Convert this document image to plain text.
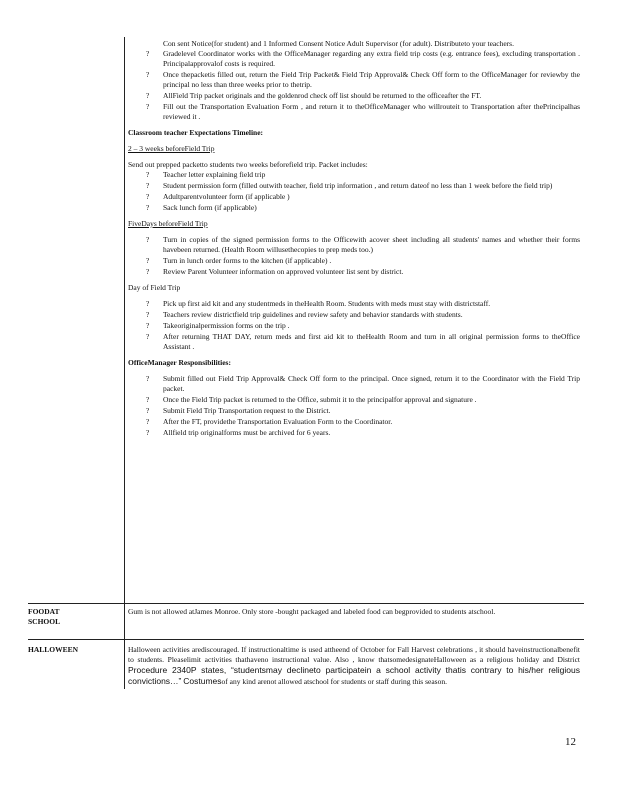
Con sent Notice(for student) and 1 Informed Consent Notice Adult Supervisor (for adult). Distributeto your teachers.
? Gradelevel Coordinator works with the OfficeManager regarding any extra field trip costs (e.g. entrance fees), excluding transportation . Principalapprovalof costs is required.
? Once thepacketis filled out, return the Field Trip Packet& Field Trip Approval& Check Off form to the OfficeManager for reviewby the principal no less than three weeks prior to thetrip.
? AllField Trip packet originals and the goldenrod check off list should be returned to the officeafter the FT.
? Fill out the Transportation Evaluation Form , and return it to theOfficeManager who willrouteit to Transportation after thePrincipalhas reviewed it .
Classroom teacher Expectations Timeline:
2 – 3 weeks beforeField Trip
Send out prepped packetto students two weeks beforefield trip. Packet includes:
? Teacher letter explaining field trip
? Student permission form (filled outwith teacher, field trip information , and return dateof no less than 1 week before the field trip)
? Adultparentvolunteer form (if applicable )
? Sack lunch form (if applicable)
FiveDays beforeField Trip
? Turn in copies of the signed permission forms to the Officewith acover sheet including all students' names and whether their forms havebeen returned. (Health Room willusethecopies to prep meds too.)
? Turn in lunch order forms to the kitchen (if applicable) .
? Review Parent Volunteer information on approved volunteer list sent by district.
Day of Field Trip
? Pick up first aid kit and any studentmeds in theHealth Room. Students with meds must stay with districtstaff.
? Teachers review districtfield trip guidelines and review safety and behavior standards with students.
? Takeoriginalpermission forms on the trip .
? After returning THAT DAY, return meds and first aid kit to theHealth Room and turn in all original permission forms to theOffice Assistant .
OfficeManager Responsibilities:
? Submit filled out Field Trip Approval& Check Off form to the principal. Once signed, return it to the Coordinator with the Field Trip packet.
? Once the Field Trip packet is returned to the Office, submit it to the principalfor approval and signature .
? Submit Field Trip Transportation request to the District.
? After the FT, providethe Transportation Evaluation Form to the Coordinator.
? Allfield trip originalforms must be archived for 6 years.
FOODAT
SCHOOL
Gum is not allowed atJames Monroe. Only store -bought packaged and labeled food can begprovided to students atschool.
HALLOWEEN	Halloween activities arediscouraged. If instructionaltime is used attheend of October for Fall Harvest celebrations , it should haveinstructionalbenefit to students. Pleaselimit activities thathaveno instructional value. Also , know thatsomedesignateHalloween as a religious holiday and District Procedure 2340P states, “studentsmay declineto participatein a school activity thatis contrary to his/her religious convictions…” Costumesof any kind arenot allowed atschool for students or staff during this season.
12
